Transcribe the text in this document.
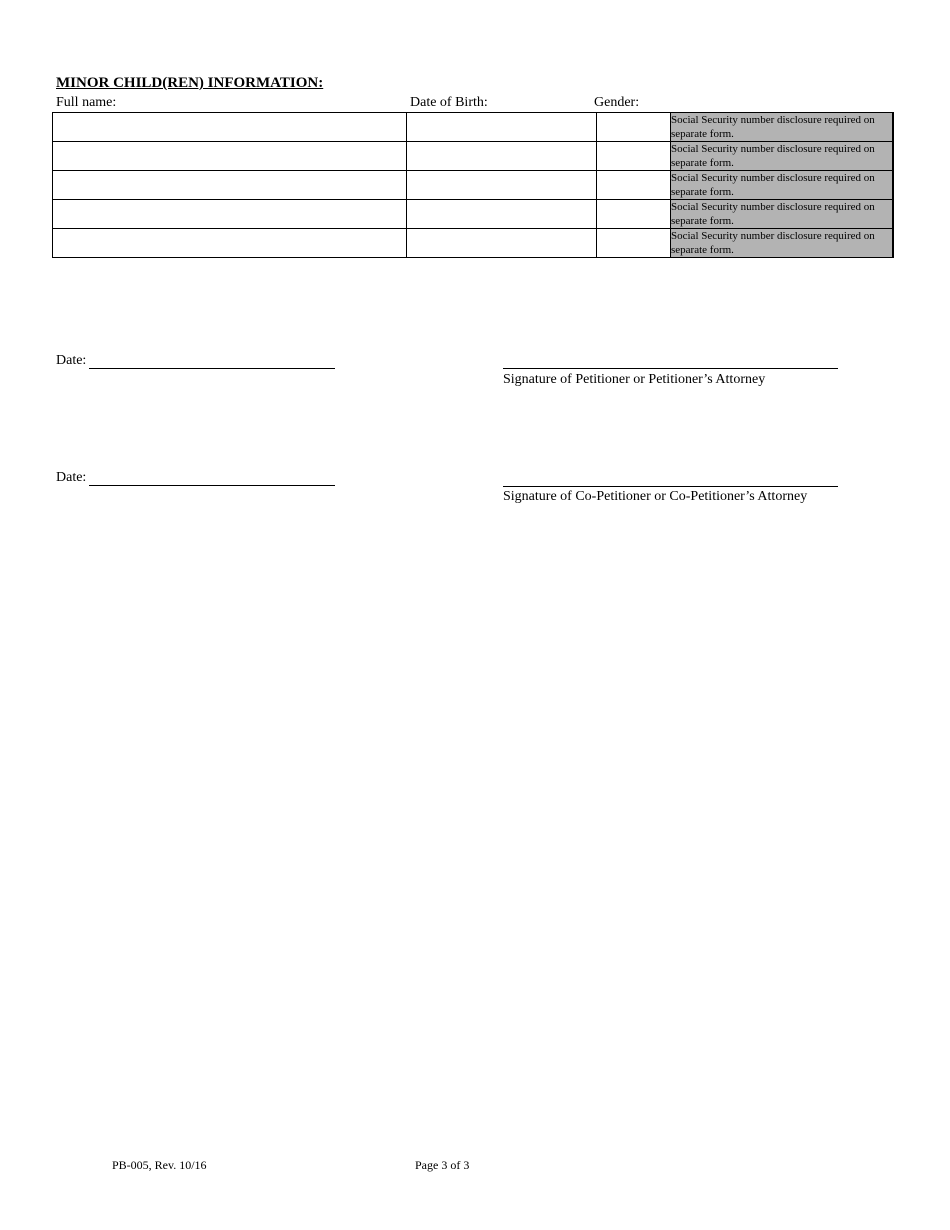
MINOR CHILD(REN) INFORMATION:
Full name:	Date of Birth:	Gender:
			Social Security number disclosure required on separate form.
			Social Security number disclosure required on separate form.
			Social Security number disclosure required on separate form.
			Social Security number disclosure required on separate form.
			Social Security number disclosure required on separate form.
Date:
Signature of Petitioner or Petitioner’s Attorney
Date:
Signature of Co-Petitioner or Co-Petitioner’s Attorney
PB-005, Rev. 10/16	Page 3 of 3
